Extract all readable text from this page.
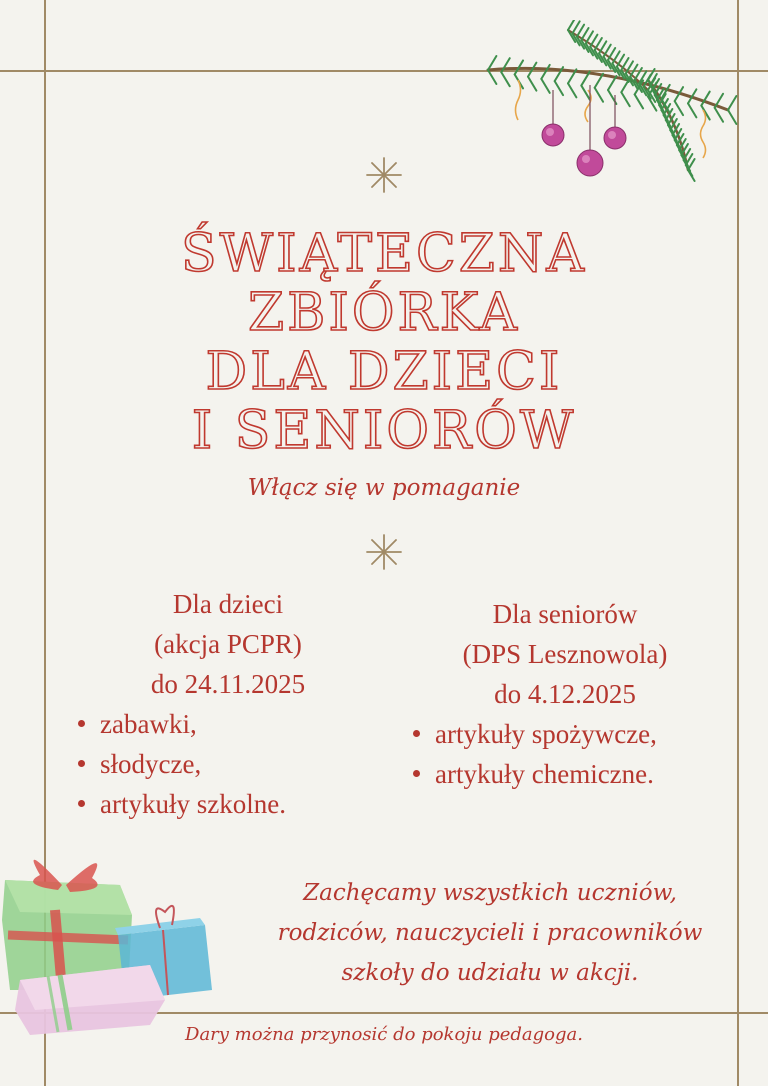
ŚWIĄTECZNA
ZBIÓRKA
DLA DZIECI
I SENIORÓW
Włącz się w pomaganie
Dla dzieci
(akcja PCPR)
do 24.11.2025
zabawki,
słodycze,
artykuły szkolne.
Dla seniorów
(DPS Lesznowola)
do 4.12.2025
artykuły spożywcze,
artykuły chemiczne.
Zachęcamy wszystkich uczniów,
rodziców, nauczycieli i pracowników
szkoły do udziału w akcji.
Dary można przynosić do pokoju pedagoga.
